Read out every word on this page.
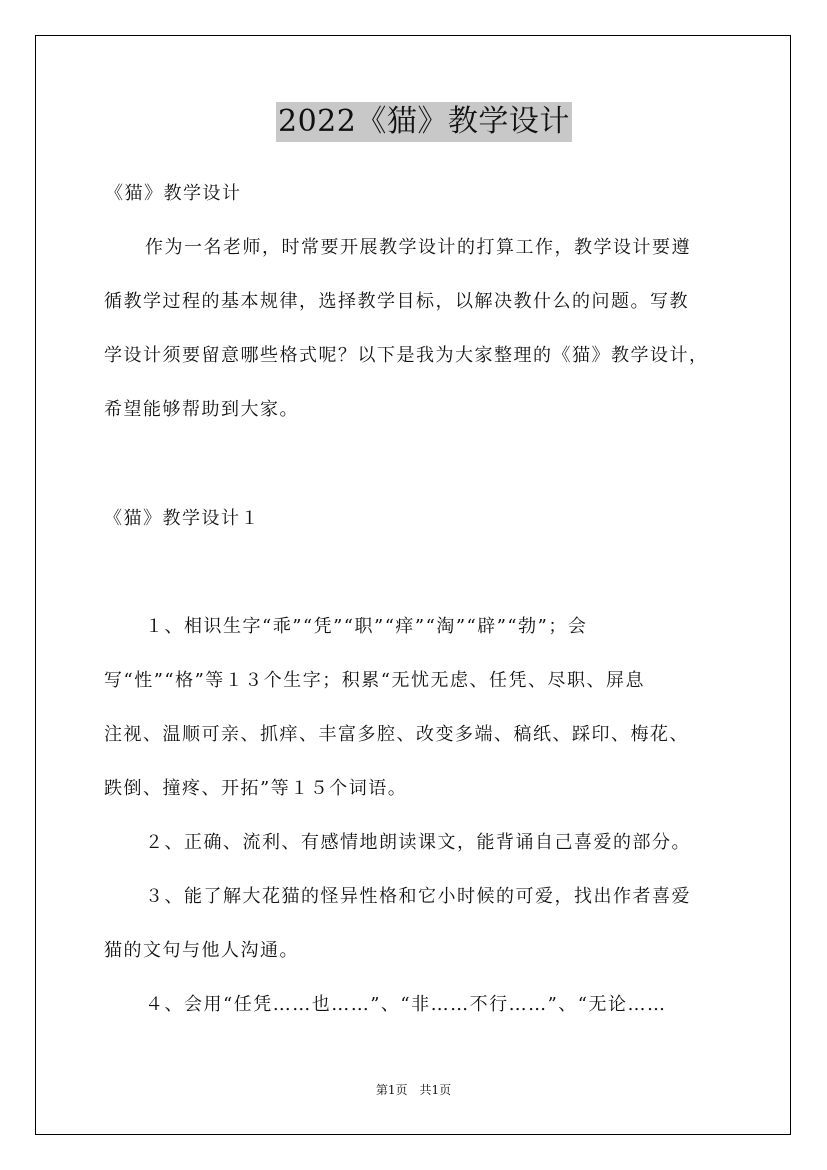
2022《猫》教学设计
《猫》教学设计
作为一名老师，时常要开展教学设计的打算工作，教学设计要遵
循教学过程的基本规律，选择教学目标，以解决教什么的问题。写教
学设计须要留意哪些格式呢？以下是我为大家整理的《猫》教学设计，
希望能够帮助到大家。
《猫》教学设计１
１、相识生字“乖”“凭”“职”“痒”“淘”“辟”“勃”；会
写“性”“格”等１３个生字；积累“无忧无虑、任凭、尽职、屏息
注视、温顺可亲、抓痒、丰富多腔、改变多端、稿纸、踩印、梅花、
跌倒、撞疼、开拓”等１５个词语。
２、正确、流利、有感情地朗读课文，能背诵自己喜爱的部分。
３、能了解大花猫的怪异性格和它小时候的可爱，找出作者喜爱
猫的文句与他人沟通。
４、会用“任凭……也……”、“非……不行……”、“无论……
第1页　共1页
